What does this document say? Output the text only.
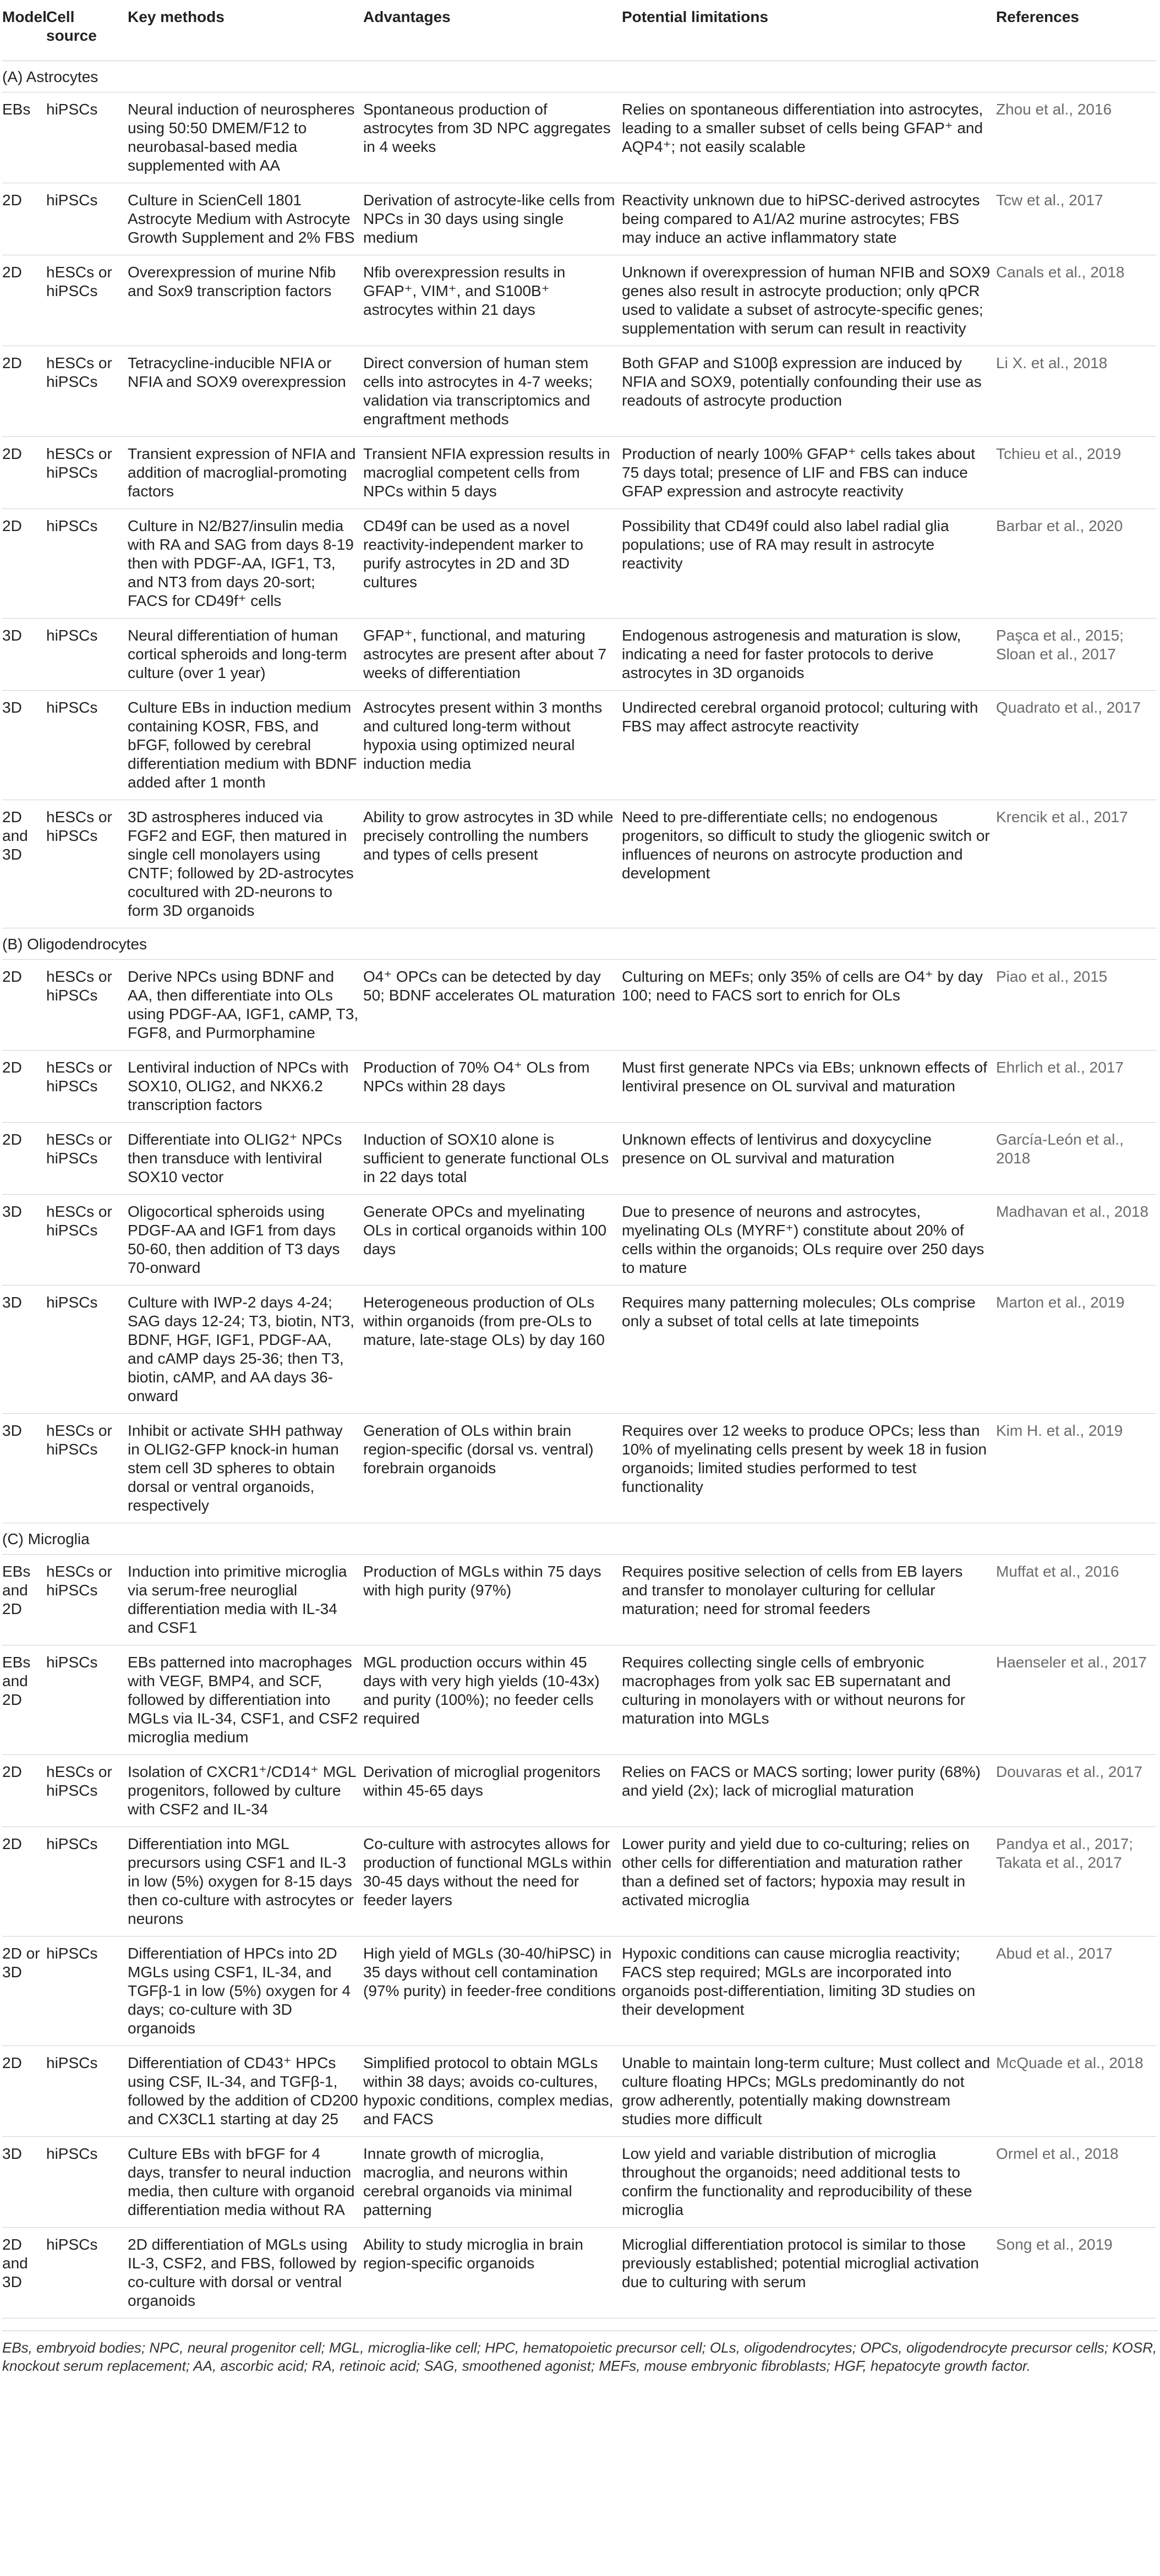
Model	Cell source	Key methods	Advantages	Potential limitations	References
(A) Astrocytes					
EBs	hiPSCs	Neural induction of neurospheres using 50:50 DMEM/F12 to neurobasal-based media supplemented with AA	Spontaneous production of astrocytes from 3D NPC aggregates in 4 weeks	Relies on spontaneous differentiation into astrocytes, leading to a smaller subset of cells being GFAP⁺ and AQP4⁺; not easily scalable	Zhou et al., 2016
2D	hiPSCs	Culture in ScienCell 1801 Astrocyte Medium with Astrocyte Growth Supplement and 2% FBS	Derivation of astrocyte-like cells from NPCs in 30 days using single medium	Reactivity unknown due to hiPSC-derived astrocytes being compared to A1/A2 murine astrocytes; FBS may induce an active inflammatory state	Tcw et al., 2017
2D	hESCs or hiPSCs	Overexpression of murine Nfib and Sox9 transcription factors	Nfib overexpression results in GFAP⁺, VIM⁺, and S100B⁺ astrocytes within 21 days	Unknown if overexpression of human NFIB and SOX9 genes also result in astrocyte production; only qPCR used to validate a subset of astrocyte-specific genes; supplementation with serum can result in reactivity	Canals et al., 2018
2D	hESCs or hiPSCs	Tetracycline-inducible NFIA or NFIA and SOX9 overexpression	Direct conversion of human stem cells into astrocytes in 4-7 weeks; validation via transcriptomics and engraftment methods	Both GFAP and S100β expression are induced by NFIA and SOX9, potentially confounding their use as readouts of astrocyte production	Li X. et al., 2018
2D	hESCs or hiPSCs	Transient expression of NFIA and addition of macroglial-promoting factors	Transient NFIA expression results in macroglial competent cells from NPCs within 5 days	Production of nearly 100% GFAP⁺ cells takes about 75 days total; presence of LIF and FBS can induce GFAP expression and astrocyte reactivity	Tchieu et al., 2019
2D	hiPSCs	Culture in N2/B27/insulin media with RA and SAG from days 8-19 then with PDGF-AA, IGF1, T3, and NT3 from days 20-sort; FACS for CD49f⁺ cells	CD49f can be used as a novel reactivity-independent marker to purify astrocytes in 2D and 3D cultures	Possibility that CD49f could also label radial glia populations; use of RA may result in astrocyte reactivity	Barbar et al., 2020
3D	hiPSCs	Neural differentiation of human cortical spheroids and long-term culture (over 1 year)	GFAP⁺, functional, and maturing astrocytes are present after about 7 weeks of differentiation	Endogenous astrogenesis and maturation is slow, indicating a need for faster protocols to derive astrocytes in 3D organoids	Paşca et al., 2015; Sloan et al., 2017
3D	hiPSCs	Culture EBs in induction medium containing KOSR, FBS, and bFGF, followed by cerebral differentiation medium with BDNF added after 1 month	Astrocytes present within 3 months and cultured long-term without hypoxia using optimized neural induction media	Undirected cerebral organoid protocol; culturing with FBS may affect astrocyte reactivity	Quadrato et al., 2017
2D and 3D	hESCs or hiPSCs	3D astrospheres induced via FGF2 and EGF, then matured in single cell monolayers using CNTF; followed by 2D-astrocytes cocultured with 2D-neurons to form 3D organoids	Ability to grow astrocytes in 3D while precisely controlling the numbers and types of cells present	Need to pre-differentiate cells; no endogenous progenitors, so difficult to study the gliogenic switch or influences of neurons on astrocyte production and development	Krencik et al., 2017
(B) Oligodendrocytes					
2D	hESCs or hiPSCs	Derive NPCs using BDNF and AA, then differentiate into OLs using PDGF-AA, IGF1, cAMP, T3, FGF8, and Purmorphamine	O4⁺ OPCs can be detected by day 50; BDNF accelerates OL maturation	Culturing on MEFs; only 35% of cells are O4⁺ by day 100; need to FACS sort to enrich for OLs	Piao et al., 2015
2D	hESCs or hiPSCs	Lentiviral induction of NPCs with SOX10, OLIG2, and NKX6.2 transcription factors	Production of 70% O4⁺ OLs from NPCs within 28 days	Must first generate NPCs via EBs; unknown effects of lentiviral presence on OL survival and maturation	Ehrlich et al., 2017
2D	hESCs or hiPSCs	Differentiate into OLIG2⁺ NPCs then transduce with lentiviral SOX10 vector	Induction of SOX10 alone is sufficient to generate functional OLs in 22 days total	Unknown effects of lentivirus and doxycycline presence on OL survival and maturation	García-León et al., 2018
3D	hESCs or hiPSCs	Oligocortical spheroids using PDGF-AA and IGF1 from days 50-60, then addition of T3 days 70-onward	Generate OPCs and myelinating OLs in cortical organoids within 100 days	Due to presence of neurons and astrocytes, myelinating OLs (MYRF⁺) constitute about 20% of cells within the organoids; OLs require over 250 days to mature	Madhavan et al., 2018
3D	hiPSCs	Culture with IWP-2 days 4-24; SAG days 12-24; T3, biotin, NT3, BDNF, HGF, IGF1, PDGF-AA, and cAMP days 25-36; then T3, biotin, cAMP, and AA days 36-onward	Heterogeneous production of OLs within organoids (from pre-OLs to mature, late-stage OLs) by day 160	Requires many patterning molecules; OLs comprise only a subset of total cells at late timepoints	Marton et al., 2019
3D	hESCs or hiPSCs	Inhibit or activate SHH pathway in OLIG2-GFP knock-in human stem cell 3D spheres to obtain dorsal or ventral organoids, respectively	Generation of OLs within brain region-specific (dorsal vs. ventral) forebrain organoids	Requires over 12 weeks to produce OPCs; less than 10% of myelinating cells present by week 18 in fusion organoids; limited studies performed to test functionality	Kim H. et al., 2019
(C) Microglia					
EBs and 2D	hESCs or hiPSCs	Induction into primitive microglia via serum-free neuroglial differentiation media with IL-34 and CSF1	Production of MGLs within 75 days with high purity (97%)	Requires positive selection of cells from EB layers and transfer to monolayer culturing for cellular maturation; need for stromal feeders	Muffat et al., 2016
EBs and 2D	hiPSCs	EBs patterned into macrophages with VEGF, BMP4, and SCF, followed by differentiation into MGLs via IL-34, CSF1, and CSF2 microglia medium	MGL production occurs within 45 days with very high yields (10-43x) and purity (100%); no feeder cells required	Requires collecting single cells of embryonic macrophages from yolk sac EB supernatant and culturing in monolayers with or without neurons for maturation into MGLs	Haenseler et al., 2017
2D	hESCs or hiPSCs	Isolation of CXCR1⁺/CD14⁺ MGL progenitors, followed by culture with CSF2 and IL-34	Derivation of microglial progenitors within 45-65 days	Relies on FACS or MACS sorting; lower purity (68%) and yield (2x); lack of microglial maturation	Douvaras et al., 2017
2D	hiPSCs	Differentiation into MGL precursors using CSF1 and IL-3 in low (5%) oxygen for 8-15 days then co-culture with astrocytes or neurons	Co-culture with astrocytes allows for production of functional MGLs within 30-45 days without the need for feeder layers	Lower purity and yield due to co-culturing; relies on other cells for differentiation and maturation rather than a defined set of factors; hypoxia may result in activated microglia	Pandya et al., 2017; Takata et al., 2017
2D or 3D	hiPSCs	Differentiation of HPCs into 2D MGLs using CSF1, IL-34, and TGFβ-1 in low (5%) oxygen for 4 days; co-culture with 3D organoids	High yield of MGLs (30-40/hiPSC) in 35 days without cell contamination (97% purity) in feeder-free conditions	Hypoxic conditions can cause microglia reactivity; FACS step required; MGLs are incorporated into organoids post-differentiation, limiting 3D studies on their development	Abud et al., 2017
2D	hiPSCs	Differentiation of CD43⁺ HPCs using CSF, IL-34, and TGFβ-1, followed by the addition of CD200 and CX3CL1 starting at day 25	Simplified protocol to obtain MGLs within 38 days; avoids co-cultures, hypoxic conditions, complex medias, and FACS	Unable to maintain long-term culture; Must collect and culture floating HPCs; MGLs predominantly do not grow adherently, potentially making downstream studies more difficult	McQuade et al., 2018
3D	hiPSCs	Culture EBs with bFGF for 4 days, transfer to neural induction media, then culture with organoid differentiation media without RA	Innate growth of microglia, macroglia, and neurons within cerebral organoids via minimal patterning	Low yield and variable distribution of microglia throughout the organoids; need additional tests to confirm the functionality and reproducibility of these microglia	Ormel et al., 2018
2D and 3D	hiPSCs	2D differentiation of MGLs using IL-3, CSF2, and FBS, followed by co-culture with dorsal or ventral organoids	Ability to study microglia in brain region-specific organoids	Microglial differentiation protocol is similar to those previously established; potential microglial activation due to culturing with serum	Song et al., 2019
EBs, embryoid bodies; NPC, neural progenitor cell; MGL, microglia-like cell; HPC, hematopoietic precursor cell; OLs, oligodendrocytes; OPCs, oligodendrocyte precursor cells; KOSR, knockout serum replacement; AA, ascorbic acid; RA, retinoic acid; SAG, smoothened agonist; MEFs, mouse embryonic fibroblasts; HGF, hepatocyte growth factor.
